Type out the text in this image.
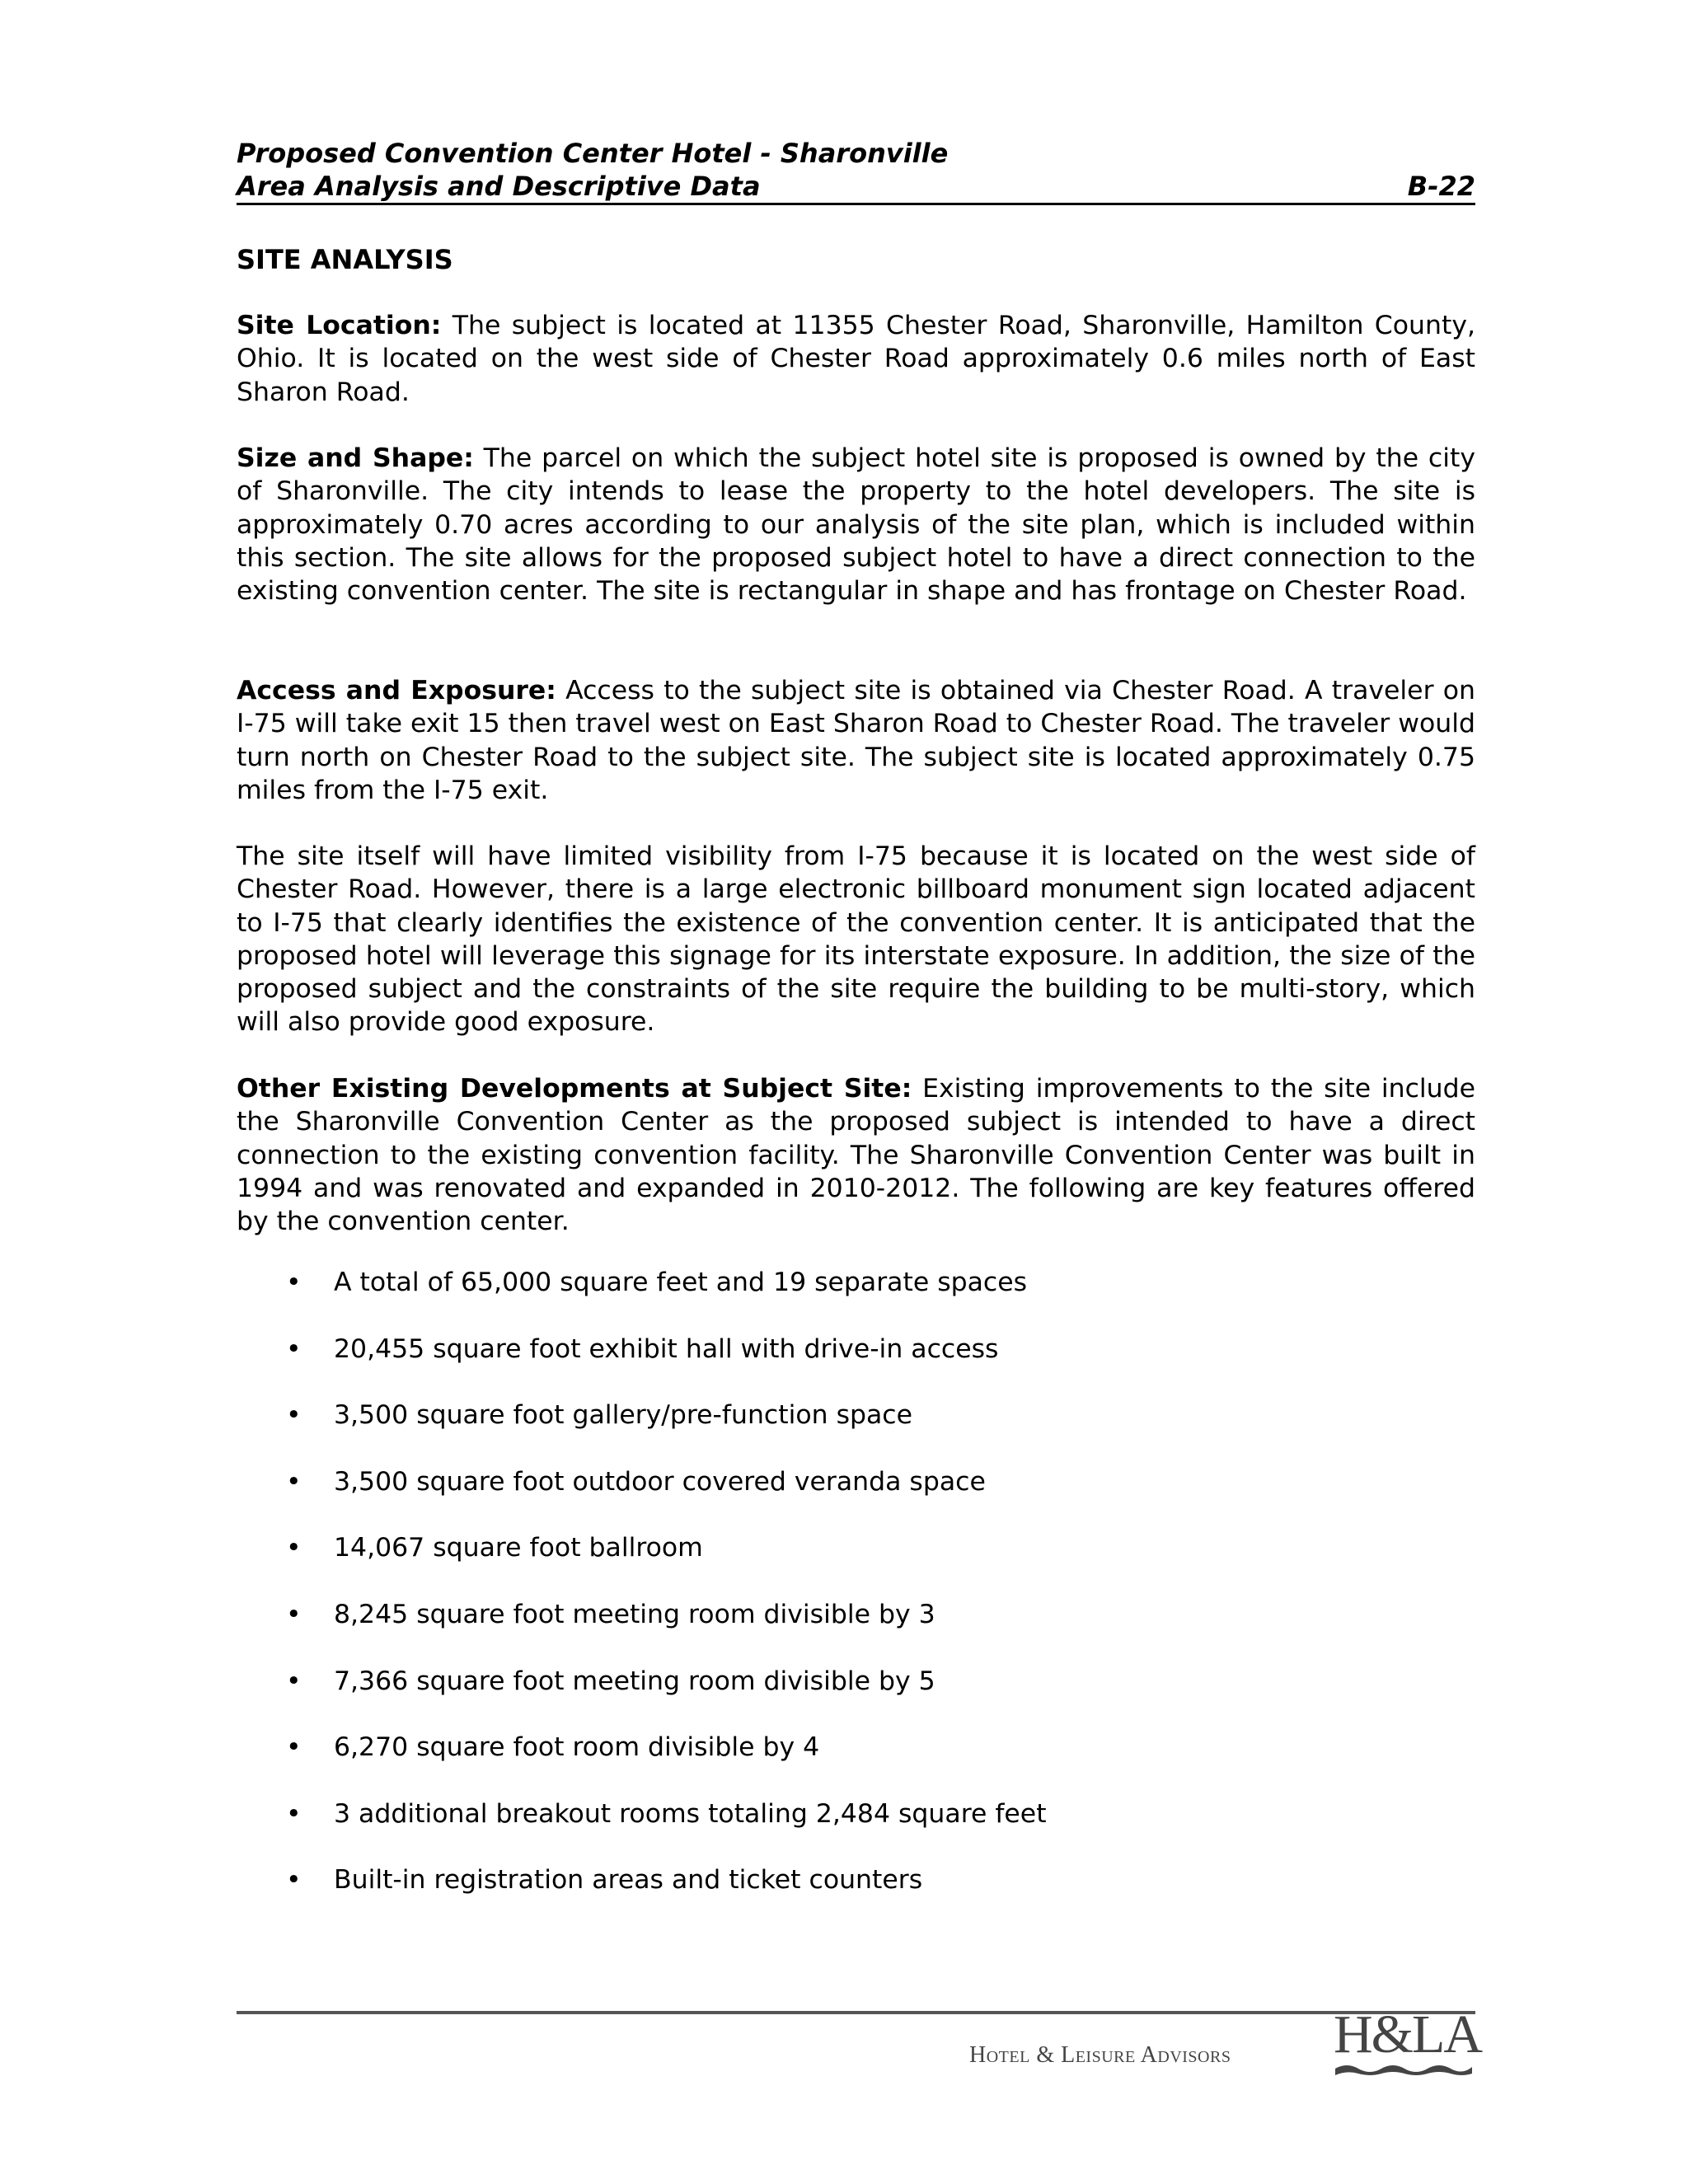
Proposed Convention Center Hotel - Sharonville
Area Analysis and Descriptive Data	B-22
SITE ANALYSIS

Site Location: The subject is located at 11355 Chester Road, Sharonville, Hamilton County, Ohio. It is located on the west side of Chester Road approximately 0.6 miles north of East Sharon Road.

Size and Shape: The parcel on which the subject hotel site is proposed is owned by the city of Sharonville. The city intends to lease the property to the hotel developers. The site is approximately 0.70 acres according to our analysis of the site plan, which is included within this section. The site allows for the proposed subject hotel to have a direct connection to the existing convention center. The site is rectangular in shape and has frontage on Chester Road.

Access and Exposure: Access to the subject site is obtained via Chester Road. A traveler on I-75 will take exit 15 then travel west on East Sharon Road to Chester Road. The traveler would turn north on Chester Road to the subject site. The subject site is located approximately 0.75 miles from the I-75 exit.

The site itself will have limited visibility from I-75 because it is located on the west side of Chester Road. However, there is a large electronic billboard monument sign located adjacent to I-75 that clearly identifies the existence of the convention center. It is anticipated that the proposed hotel will leverage this signage for its interstate exposure. In addition, the size of the proposed subject and the constraints of the site require the building to be multi-story, which will also provide good exposure.

Other Existing Developments at Subject Site: Existing improvements to the site include the Sharonville Convention Center as the proposed subject is intended to have a direct connection to the existing convention facility. The Sharonville Convention Center was built in 1994 and was renovated and expanded in 2010-2012. The following are key features offered by the convention center.

• A total of 65,000 square feet and 19 separate spaces
• 20,455 square foot exhibit hall with drive-in access
• 3,500 square foot gallery/pre-function space
• 3,500 square foot outdoor covered veranda space
• 14,067 square foot ballroom
• 8,245 square foot meeting room divisible by 3
• 7,366 square foot meeting room divisible by 5
• 6,270 square foot room divisible by 4
• 3 additional breakout rooms totaling 2,484 square feet
• Built-in registration areas and ticket counters
Hotel & Leisure Advisors H&LA
